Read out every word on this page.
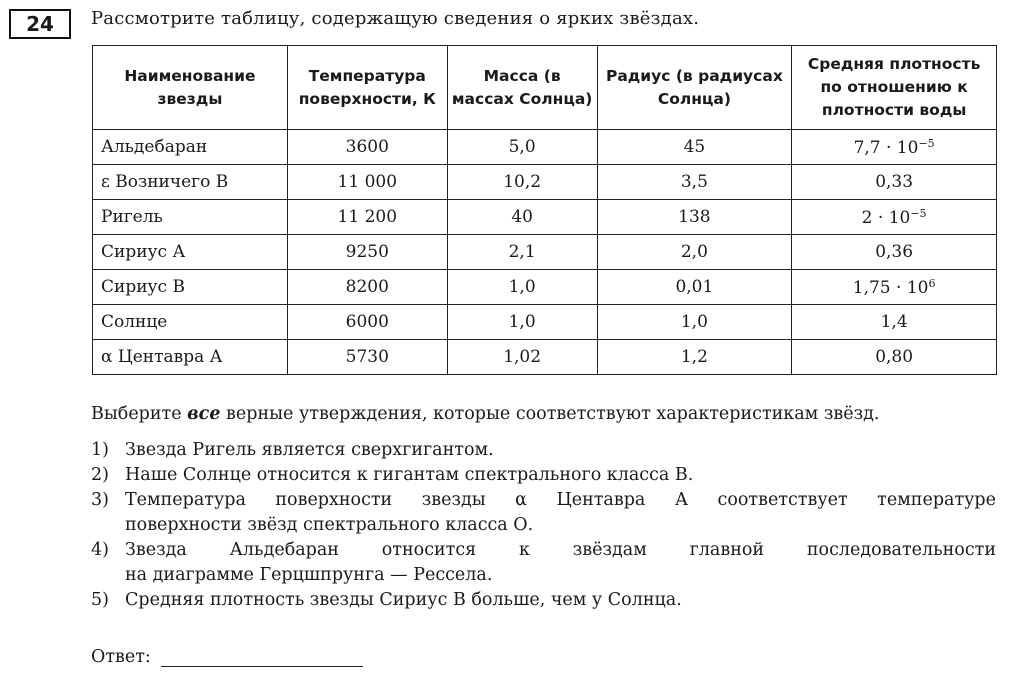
24 Рассмотрите таблицу, содержащую сведения о ярких звёздах.
Наименование звезды	Температура поверхности, К	Масса (в массах Солнца)	Радиус (в радиусах Солнца)	Средняя плотность по отношению к плотности воды
Альдебаран	3600	5,0	45	$7,7 \cdot 10^{-5}$
ε Возничего В	11 000	10,2	3,5	0,33
Ригель	11 200	40	138	$2 \cdot 10^{-5}$
Сириус А	9250	2,1	2,0	0,36
Сириус В	8200	1,0	0,01	$1,75 \cdot 10^6$
Солнце	6000	1,0	1,0	1,4
α Центавра А	5730	1,02	1,2	0,80
Выберите все верные утверждения, которые соответствуют характеристикам звёзд.
1) Звезда Ригель является сверхгигантом.
2) Наше Солнце относится к гигантам спектрального класса В.
3) Температура поверхности звезды α Центавра А соответствует температуре
поверхности звёзд спектрального класса О.
4) Звезда Альдебаран относится к звёздам главной последовательности
на диаграмме Герцшпрунга — Рессела.
5) Средняя плотность звезды Сириус В больше, чем у Солнца.
Ответ:
